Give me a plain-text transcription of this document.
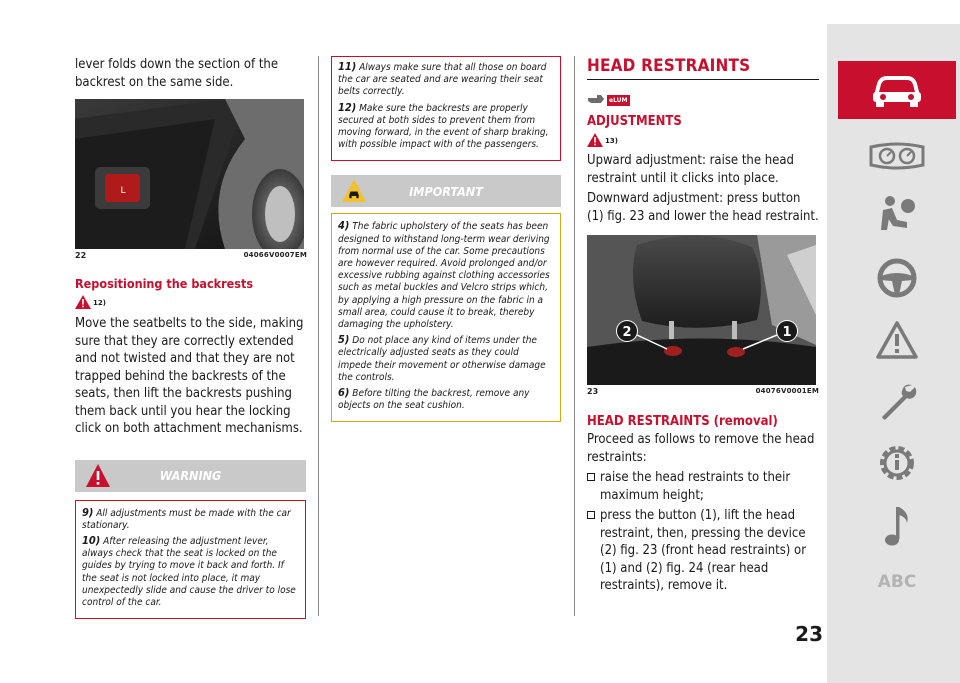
lever folds down the section of the backrest on the same side.

L
22	04066V0007EM
Repositioning the backrests
12)

Move the seatbelts to the side, making sure that they are correctly extended and not twisted and that they are not trapped behind the backrests of the seats, then lift the backrests pushing them back until you hear the locking click on both attachment mechanisms.

WARNING

9) All adjustments must be made with the car stationary.

10) After releasing the adjustment lever, always check that the seat is locked on the guides by trying to move it back and forth. If the seat is not locked into place, it may unexpectedly slide and cause the driver to lose control of the car.

11) Always make sure that all those on board the car are seated and are wearing their seat belts correctly.

12) Make sure the backrests are properly secured at both sides to prevent them from moving forward, in the event of sharp braking, with possible impact with of the passengers.

IMPORTANT

4) The fabric upholstery of the seats has been designed to withstand long-term wear deriving from normal use of the car. Some precautions are however required. Avoid prolonged and/or excessive rubbing against clothing accessories such as metal buckles and Velcro strips which, by applying a high pressure on the fabric in a small area, could cause it to break, thereby damaging the upholstery.

5) Do not place any kind of items under the electrically adjusted seats as they could impede their movement or otherwise damage the controls.

6) Before tilting the backrest, remove any objects on the seat cushion.

HEAD RESTRAINTS
eLUM
ADJUSTMENTS
13)

Upward adjustment: raise the head restraint until it clicks into place.

Downward adjustment: press button (1) fig. 23 and lower the head restraint.

2	1
23	04076V0001EM
HEAD RESTRAINTS (removal)

Proceed as follows to remove the head restraints:

raise the head restraints to their maximum height;
press the button (1), lift the head restraint, then, pressing the device (2) fig. 23 (front head restraints) or (1) and (2) fig. 24 (rear head restraints), remove it.	ABC
23
